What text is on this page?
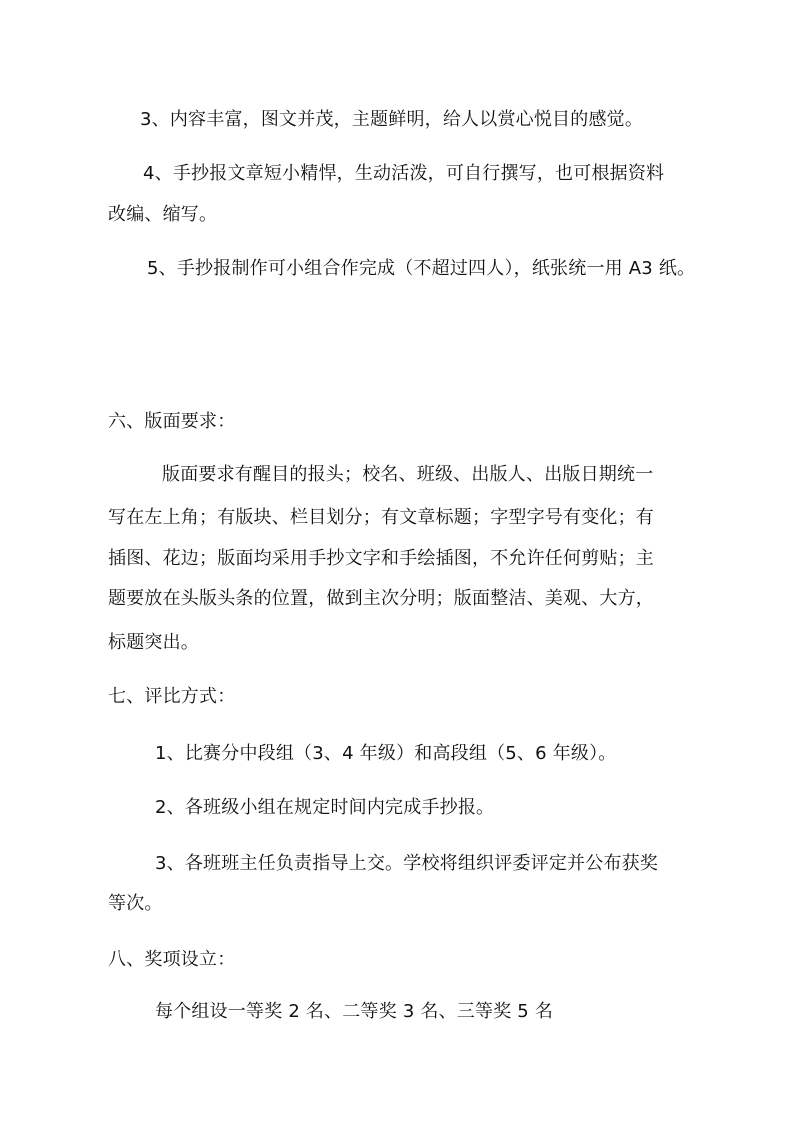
3、内容丰富，图文并茂，主题鲜明，给人以赏心悦目的感觉。
4、手抄报文章短小精悍，生动活泼，可自行撰写，也可根据资料
改编、缩写。
5、手抄报制作可小组合作完成（不超过四人），纸张统一用 A3 纸。
六、版面要求：
版面要求有醒目的报头；校名、班级、出版人、出版日期统一
写在左上角；有版块、栏目划分；有文章标题；字型字号有变化；有
插图、花边；版面均采用手抄文字和手绘插图，不允许任何剪贴；主
题要放在头版头条的位置，做到主次分明；版面整洁、美观、大方，
标题突出。
七、评比方式：
1、比赛分中段组（3、4 年级）和高段组（5、6 年级）。
2、各班级小组在规定时间内完成手抄报。
3、各班班主任负责指导上交。学校将组织评委评定并公布获奖
等次。
八、奖项设立：
每个组设一等奖 2 名、二等奖 3 名、三等奖 5 名
